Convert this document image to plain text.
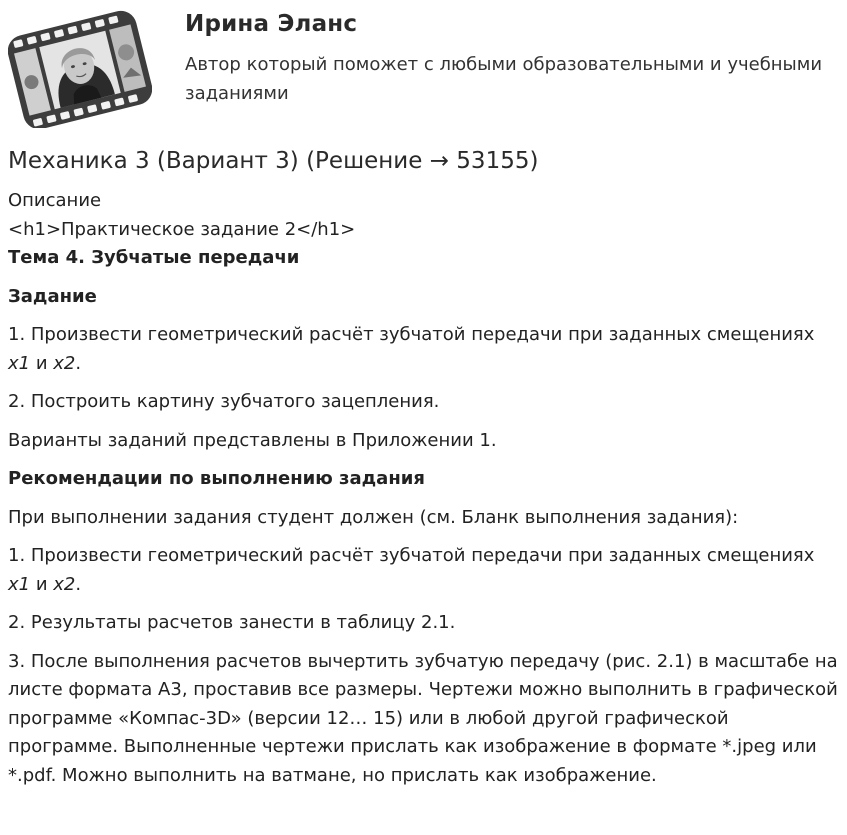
Ирина Эланс

Автор который поможет с любыми образовательными и учебными заданиями

Механика 3 (Вариант 3) (Решение → 53155)

Описание

<h1>Практическое задание 2</h1>

Тема 4. Зубчатые передачи

Задание

1. Произвести геометрический расчёт зубчатой передачи при заданных смещениях x1 и x2.

2. Построить картину зубчатого зацепления.

Варианты заданий представлены в Приложении 1.

Рекомендации по выполнению задания

При выполнении задания студент должен (см. Бланк выполнения задания):

1. Произвести геометрический расчёт зубчатой передачи при заданных смещениях x1 и x2.

2. Результаты расчетов занести в таблицу 2.1.

3. После выполнения расчетов вычертить зубчатую передачу (рис. 2.1) в масштабе на листе формата А3, проставив все размеры. Чертежи можно выполнить в графической программе «Компас-3D» (версии 12… 15) или в любой другой графической программе. Выполненные чертежи прислать как изображение в формате *.jpeg или *.pdf. Можно выполнить на ватмане, но прислать как изображение.
